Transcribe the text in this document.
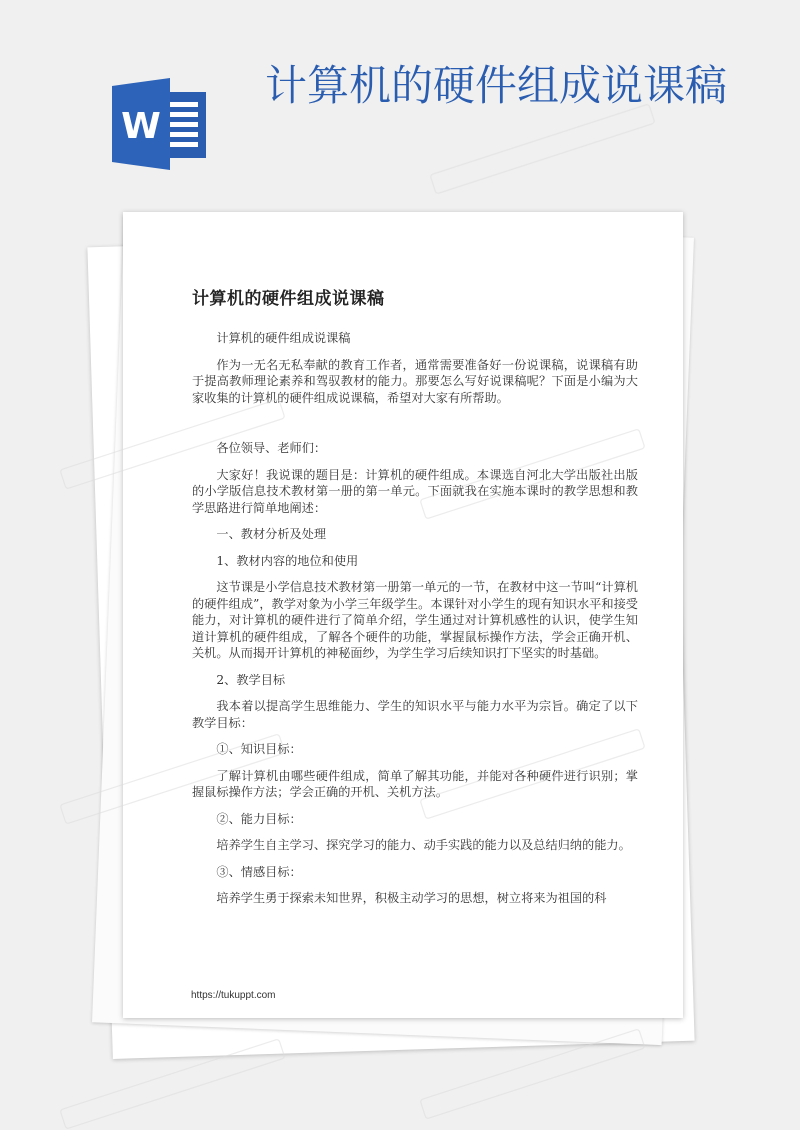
W
计算机的硬件组成说课稿
计算机的硬件组成说课稿

计算机的硬件组成说课稿

作为一无名无私奉献的教育工作者，通常需要准备好一份说课稿，说课稿有助于提高教师理论素养和驾驭教材的能力。那要怎么写好说课稿呢？下面是小编为大家收集的计算机的硬件组成说课稿，希望对大家有所帮助。

各位领导、老师们：

大家好！我说课的题目是：计算机的硬件组成。本课选自河北大学出版社出版的小学版信息技术教材第一册的第一单元。下面就我在实施本课时的教学思想和教学思路进行简单地阐述：

一、教材分析及处理

1、教材内容的地位和使用

这节课是小学信息技术教材第一册第一单元的一节，在教材中这一节叫“计算机的硬件组成”，教学对象为小学三年级学生。本课针对小学生的现有知识水平和接受能力，对计算机的硬件进行了简单介绍，学生通过对计算机感性的认识，使学生知道计算机的硬件组成，了解各个硬件的功能，掌握鼠标操作方法，学会正确开机、关机。从而揭开计算机的神秘面纱，为学生学习后续知识打下坚实的时基础。

2、教学目标

我本着以提高学生思维能力、学生的知识水平与能力水平为宗旨。确定了以下教学目标：

①、知识目标：

了解计算机由哪些硬件组成，简单了解其功能，并能对各种硬件进行识别；掌握鼠标操作方法；学会正确的开机、关机方法。

②、能力目标：

培养学生自主学习、探究学习的能力、动手实践的能力以及总结归纳的能力。

③、情感目标：

培养学生勇于探索未知世界，积极主动学习的思想，树立将来为祖国的科

https://tukuppt.com
